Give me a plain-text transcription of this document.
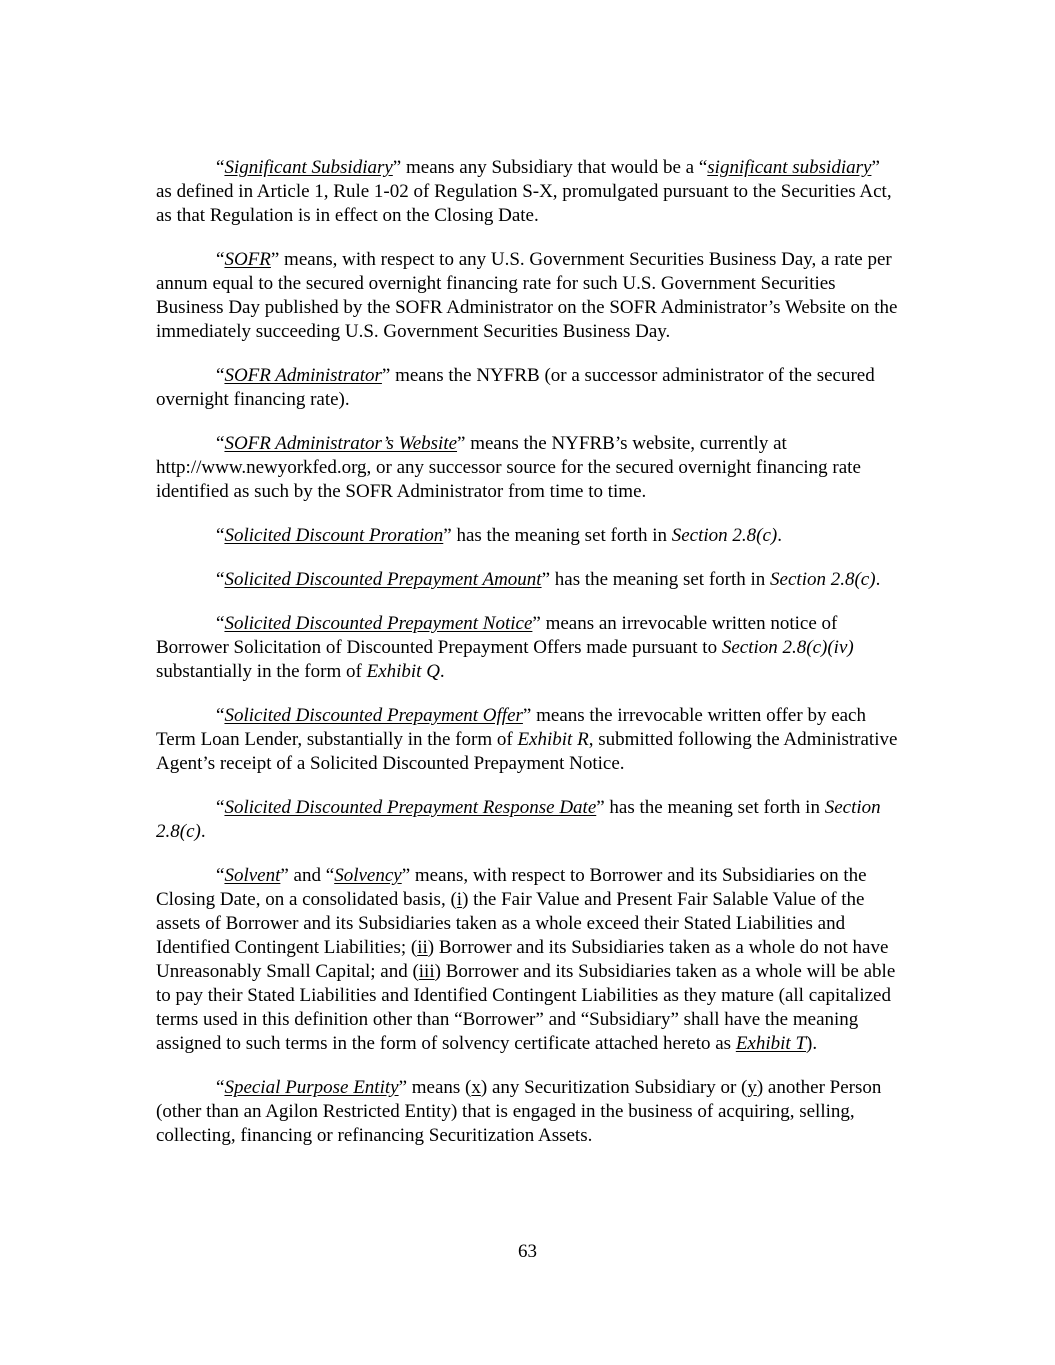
“Significant Subsidiary” means any Subsidiary that would be a “significant subsidiary” as defined in Article 1, Rule 1-02 of Regulation S-X, promulgated pursuant to the Securities Act, as that Regulation is in effect on the Closing Date.

“SOFR” means, with respect to any U.S. Government Securities Business Day, a rate per annum equal to the secured overnight financing rate for such U.S. Government Securities Business Day published by the SOFR Administrator on the SOFR Administrator’s Website on the immediately succeeding U.S. Government Securities Business Day.

“SOFR Administrator” means the NYFRB (or a successor administrator of the secured overnight financing rate).

“SOFR Administrator’s Website” means the NYFRB’s website, currently at http://www.newyorkfed.org, or any successor source for the secured overnight financing rate identified as such by the SOFR Administrator from time to time.

“Solicited Discount Proration” has the meaning set forth in Section 2.8(c).

“Solicited Discounted Prepayment Amount” has the meaning set forth in Section 2.8(c).

“Solicited Discounted Prepayment Notice” means an irrevocable written notice of Borrower Solicitation of Discounted Prepayment Offers made pursuant to Section 2.8(c)(iv) substantially in the form of Exhibit Q.

“Solicited Discounted Prepayment Offer” means the irrevocable written offer by each Term Loan Lender, substantially in the form of Exhibit R, submitted following the Administrative Agent’s receipt of a Solicited Discounted Prepayment Notice.

“Solicited Discounted Prepayment Response Date” has the meaning set forth in Section 2.8(c).

“Solvent” and “Solvency” means, with respect to Borrower and its Subsidiaries on the Closing Date, on a consolidated basis, (i) the Fair Value and Present Fair Salable Value of the assets of Borrower and its Subsidiaries taken as a whole exceed their Stated Liabilities and Identified Contingent Liabilities; (ii) Borrower and its Subsidiaries taken as a whole do not have Unreasonably Small Capital; and (iii) Borrower and its Subsidiaries taken as a whole will be able to pay their Stated Liabilities and Identified Contingent Liabilities as they mature (all capitalized terms used in this definition other than “Borrower” and “Subsidiary” shall have the meaning assigned to such terms in the form of solvency certificate attached hereto as Exhibit T).

“Special Purpose Entity” means (x) any Securitization Subsidiary or (y) another Person (other than an Agilon Restricted Entity) that is engaged in the business of acquiring, selling, collecting, financing or refinancing Securitization Assets.

63
